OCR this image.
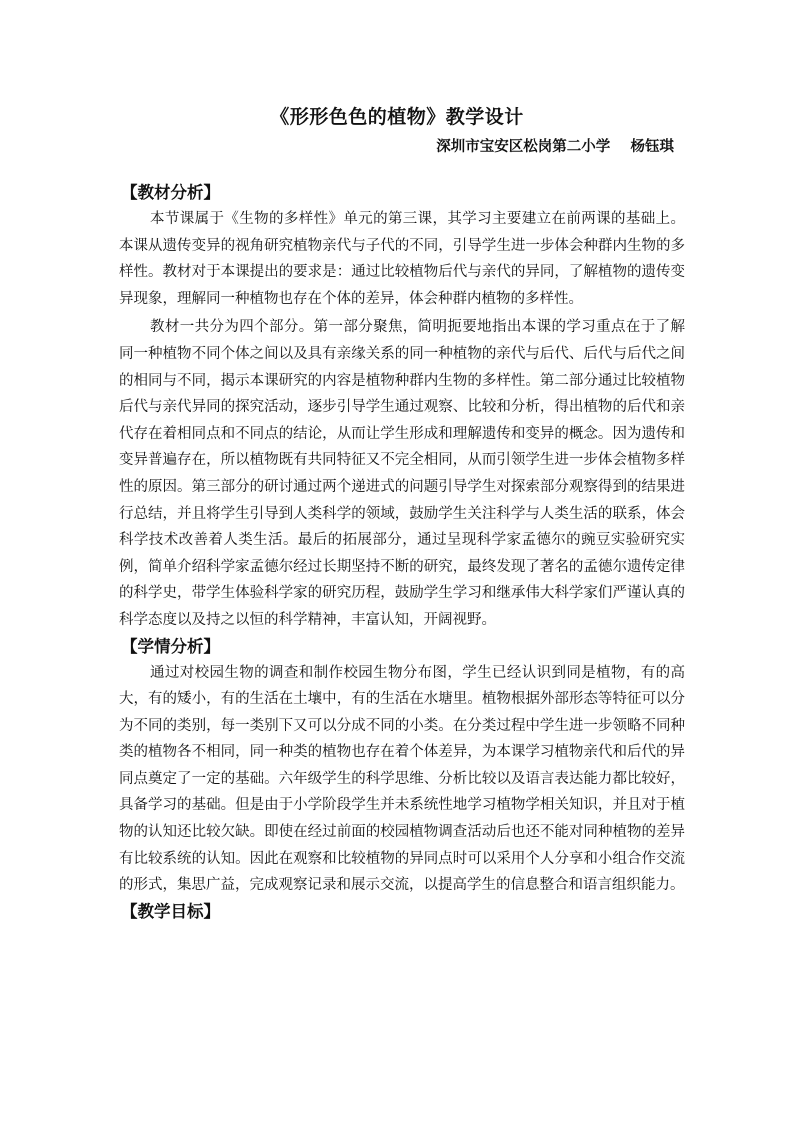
《形形色色的植物》教学设计
深圳市宝安区松岗第二小学    杨钰琪
【教材分析】

本节课属于《生物的多样性》单元的第三课，其学习主要建立在前两课的基础上。本课从遗传变异的视角研究植物亲代与子代的不同，引导学生进一步体会种群内生物的多样性。教材对于本课提出的要求是：通过比较植物后代与亲代的异同，了解植物的遗传变异现象，理解同一种植物也存在个体的差异，体会种群内植物的多样性。

教材一共分为四个部分。第一部分聚焦，简明扼要地指出本课的学习重点在于了解同一种植物不同个体之间以及具有亲缘关系的同一种植物的亲代与后代、后代与后代之间的相同与不同，揭示本课研究的内容是植物种群内生物的多样性。第二部分通过比较植物后代与亲代异同的探究活动，逐步引导学生通过观察、比较和分析，得出植物的后代和亲代存在着相同点和不同点的结论，从而让学生形成和理解遗传和变异的概念。因为遗传和变异普遍存在，所以植物既有共同特征又不完全相同，从而引领学生进一步体会植物多样性的原因。第三部分的研讨通过两个递进式的问题引导学生对探索部分观察得到的结果进行总结，并且将学生引导到人类科学的领域，鼓励学生关注科学与人类生活的联系，体会科学技术改善着人类生活。最后的拓展部分，通过呈现科学家孟德尔的豌豆实验研究实例，简单介绍科学家孟德尔经过长期坚持不断的研究，最终发现了著名的孟德尔遗传定律的科学史，带学生体验科学家的研究历程，鼓励学生学习和继承伟大科学家们严谨认真的科学态度以及持之以恒的科学精神，丰富认知，开阔视野。

【学情分析】

通过对校园生物的调查和制作校园生物分布图，学生已经认识到同是植物，有的高大，有的矮小，有的生活在土壤中，有的生活在水塘里。植物根据外部形态等特征可以分为不同的类别，每一类别下又可以分成不同的小类。在分类过程中学生进一步领略不同种类的植物各不相同，同一种类的植物也存在着个体差异，为本课学习植物亲代和后代的异同点奠定了一定的基础。六年级学生的科学思维、分析比较以及语言表达能力都比较好，具备学习的基础。但是由于小学阶段学生并未系统性地学习植物学相关知识，并且对于植物的认知还比较欠缺。即使在经过前面的校园植物调查活动后也还不能对同种植物的差异有比较系统的认知。因此在观察和比较植物的异同点时可以采用个人分享和小组合作交流的形式，集思广益，完成观察记录和展示交流，以提高学生的信息整合和语言组织能力。

【教学目标】
